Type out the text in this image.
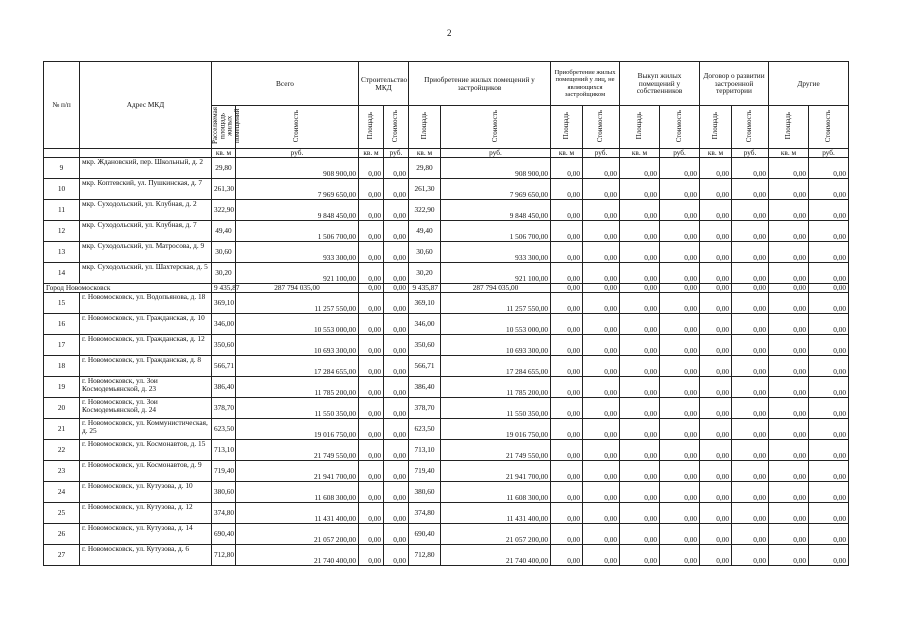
2
№ п/п	Адрес МКД	Всего		Строительство МКД		Приобретение жилых помещений у застройщиков		Приобретение жилых помещений у лиц, не являющихся застройщиком		Выкуп жилых помещений у собственников		Договор о развитии застроенной территории		Другие	
		Расселяемая площадь жилых помещений	Стоимость	Площадь	Стоимость	Площадь	Стоимость	Площадь	Стоимость	Площадь	Стоимость	Площадь	Стоимость	Площадь	Стоимость
		кв. м	руб.	кв. м	руб.	кв. м	руб.	кв. м	руб.	кв. м	руб.	кв. м	руб.	кв. м	руб.
9	мкр. Ждановский, пер. Школьный, д. 2	29,80	908 900,00	0,00	0,00	29,80	908 900,00	0,00	0,00	0,00	0,00	0,00	0,00	0,00	0,00
10	мкр. Коптевский, ул. Пушкинская, д. 7	261,30	7 969 650,00	0,00	0,00	261,30	7 969 650,00	0,00	0,00	0,00	0,00	0,00	0,00	0,00	0,00
11	мкр. Суходольский, ул. Клубная, д. 2	322,90	9 848 450,00	0,00	0,00	322,90	9 848 450,00	0,00	0,00	0,00	0,00	0,00	0,00	0,00	0,00
12	мкр. Суходольский, ул. Клубная, д. 7	49,40	1 506 700,00	0,00	0,00	49,40	1 506 700,00	0,00	0,00	0,00	0,00	0,00	0,00	0,00	0,00
13	мкр. Суходольский, ул. Матросова, д. 9	30,60	933 300,00	0,00	0,00	30,60	933 300,00	0,00	0,00	0,00	0,00	0,00	0,00	0,00	0,00
14	мкр. Суходольский, ул. Шахтерская, д. 5	30,20	921 100,00	0,00	0,00	30,20	921 100,00	0,00	0,00	0,00	0,00	0,00	0,00	0,00	0,00
Город Новомосковск		9 435,87	287 794 035,00	0,00	0,00	9 435,87	287 794 035,00	0,00	0,00	0,00	0,00	0,00	0,00	0,00	0,00
15	г. Новомосковск, ул. Водопьянова, д. 18	369,10	11 257 550,00	0,00	0,00	369,10	11 257 550,00	0,00	0,00	0,00	0,00	0,00	0,00	0,00	0,00
16	г. Новомосковск, ул. Гражданская, д. 10	346,00	10 553 000,00	0,00	0,00	346,00	10 553 000,00	0,00	0,00	0,00	0,00	0,00	0,00	0,00	0,00
17	г. Новомосковск, ул. Гражданская, д. 12	350,60	10 693 300,00	0,00	0,00	350,60	10 693 300,00	0,00	0,00	0,00	0,00	0,00	0,00	0,00	0,00
18	г. Новомосковск, ул. Гражданская, д. 8	566,71	17 284 655,00	0,00	0,00	566,71	17 284 655,00	0,00	0,00	0,00	0,00	0,00	0,00	0,00	0,00
19	г. Новомосковск, ул. Зои Космодемьянской, д. 23	386,40	11 785 200,00	0,00	0,00	386,40	11 785 200,00	0,00	0,00	0,00	0,00	0,00	0,00	0,00	0,00
20	г. Новомосковск, ул. Зои Космодемьянской, д. 24	378,70	11 550 350,00	0,00	0,00	378,70	11 550 350,00	0,00	0,00	0,00	0,00	0,00	0,00	0,00	0,00
21	г. Новомосковск, ул. Коммунистическая, д. 25	623,50	19 016 750,00	0,00	0,00	623,50	19 016 750,00	0,00	0,00	0,00	0,00	0,00	0,00	0,00	0,00
22	г. Новомосковск, ул. Космонавтов, д. 15	713,10	21 749 550,00	0,00	0,00	713,10	21 749 550,00	0,00	0,00	0,00	0,00	0,00	0,00	0,00	0,00
23	г. Новомосковск, ул. Космонавтов, д. 9	719,40	21 941 700,00	0,00	0,00	719,40	21 941 700,00	0,00	0,00	0,00	0,00	0,00	0,00	0,00	0,00
24	г. Новомосковск, ул. Кутузова, д. 10	380,60	11 608 300,00	0,00	0,00	380,60	11 608 300,00	0,00	0,00	0,00	0,00	0,00	0,00	0,00	0,00
25	г. Новомосковск, ул. Кутузова, д. 12	374,80	11 431 400,00	0,00	0,00	374,80	11 431 400,00	0,00	0,00	0,00	0,00	0,00	0,00	0,00	0,00
26	г. Новомосковск, ул. Кутузова, д. 14	690,40	21 057 200,00	0,00	0,00	690,40	21 057 200,00	0,00	0,00	0,00	0,00	0,00	0,00	0,00	0,00
27	г. Новомосковск, ул. Кутузова, д. 6	712,80	21 740 400,00	0,00	0,00	712,80	21 740 400,00	0,00	0,00	0,00	0,00	0,00	0,00	0,00	0,00
